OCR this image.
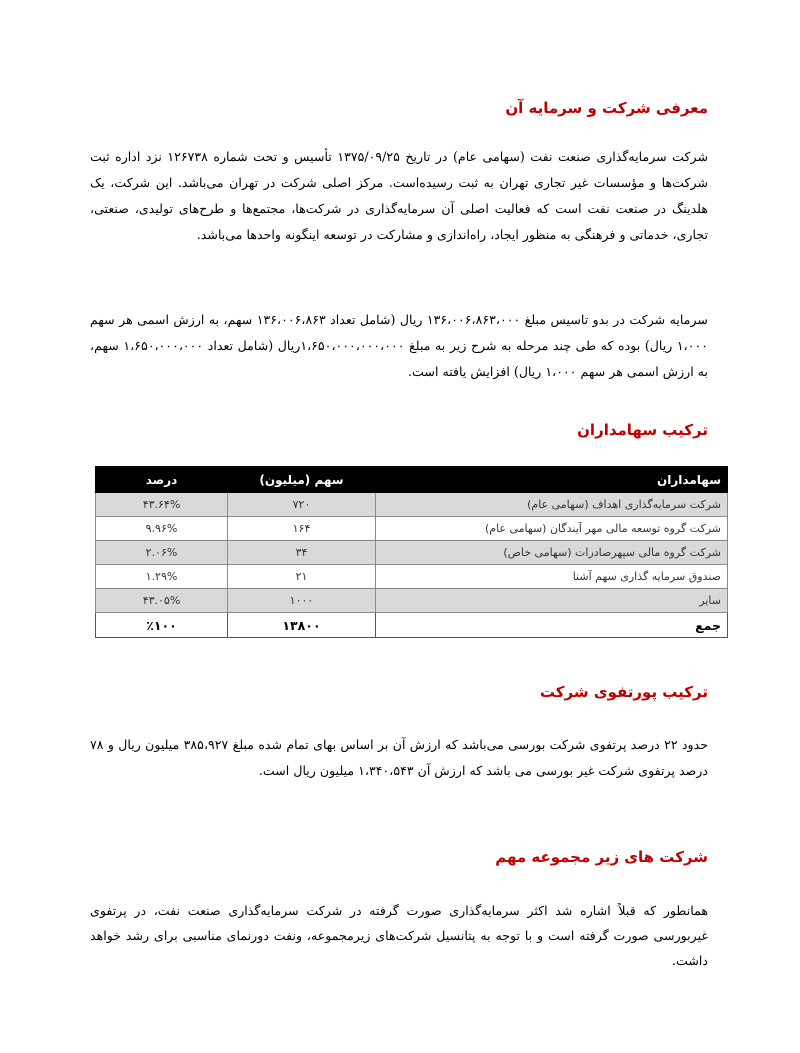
معرفی شرکت و سرمایه آن

شرکت سرمایه‌گذاری صنعت نفت (سهامی عام) در تاریخ ۱۳۷۵/۰۹/۲۵ تأسیس و تحت شماره ۱۲۶۷۳۸ نزد اداره ثبت شرکت‌ها و مؤسسات غیر تجاری تهران به ثبت رسیده‌است. مرکز اصلی شرکت در تهران می‌باشد. این شرکت، یک هلدینگ در صنعت نفت است که فعالیت اصلی آن سرمایه‌گذاری در شرکت‌ها، مجتمع‌ها و طرح‌های تولیدی، صنعتی، تجاری، خدماتی و فرهنگی به منظور ایجاد، راه‌اندازی و مشارکت در توسعه اینگونه واحدها می‌باشد.

سرمایه شرکت در بدو تاسیس مبلغ ۱۳۶،۰۰۶،۸۶۳،۰۰۰ ریال (شامل تعداد ۱۳۶،۰۰۶،۸۶۳ سهم، به ارزش اسمی هر سهم ۱،۰۰۰ ریال) بوده که طی چند مرحله به شرح زیر به مبلغ ۱،۶۵۰،۰۰۰،۰۰۰،۰۰۰ریال (شامل تعداد ۱،۶۵۰،۰۰۰،۰۰۰ سهم، به ارزش اسمی هر سهم ۱،۰۰۰ ریال) افزایش یافته است.

ترکیب سهامداران
سهامداران	سهم (میلیون)	درصد
شرکت سرمایه‌گذاری اهداف (سهامی عام)	۷۲۰	۴۳.۶۴%
شرکت گروه توسعه مالی مهر آیندگان (سهامی عام)	۱۶۴	۹.۹۶%
شرکت گروه مالی سپهرصادرات (سهامی خاص)	۳۴	۲.۰۶%
صندوق سرمایه گذاری سهم آشنا	۲۱	۱.۲۹%
سایر	۱۰۰۰	۴۳.۰۵%
جمع	۱۳۸۰۰	٪۱۰۰
ترکیب پورتفوی شرکت

حدود ۲۲ درصد پرتفوی شرکت بورسی می‌باشد که ارزش آن بر اساس بهای تمام شده مبلغ ۳۸۵،۹۲۷ میلیون ریال و ۷۸ درصد پرتفوی شرکت غیر بورسی می باشد که ارزش آن ۱،۳۴۰،۵۴۳ میلیون ریال است.

شرکت های زیر مجموعه مهم

همانطور که قبلاً اشاره شد اکثر سرمایه‌گذاری صورت گرفته در شرکت سرمایه‌گذاری صنعت نفت، در پرتفوی غیربورسی صورت گرفته است و با توجه به پتانسیل شرکت‌های زیرمجموعه، ونفت دورنمای مناسبی برای رشد خواهد داشت.
